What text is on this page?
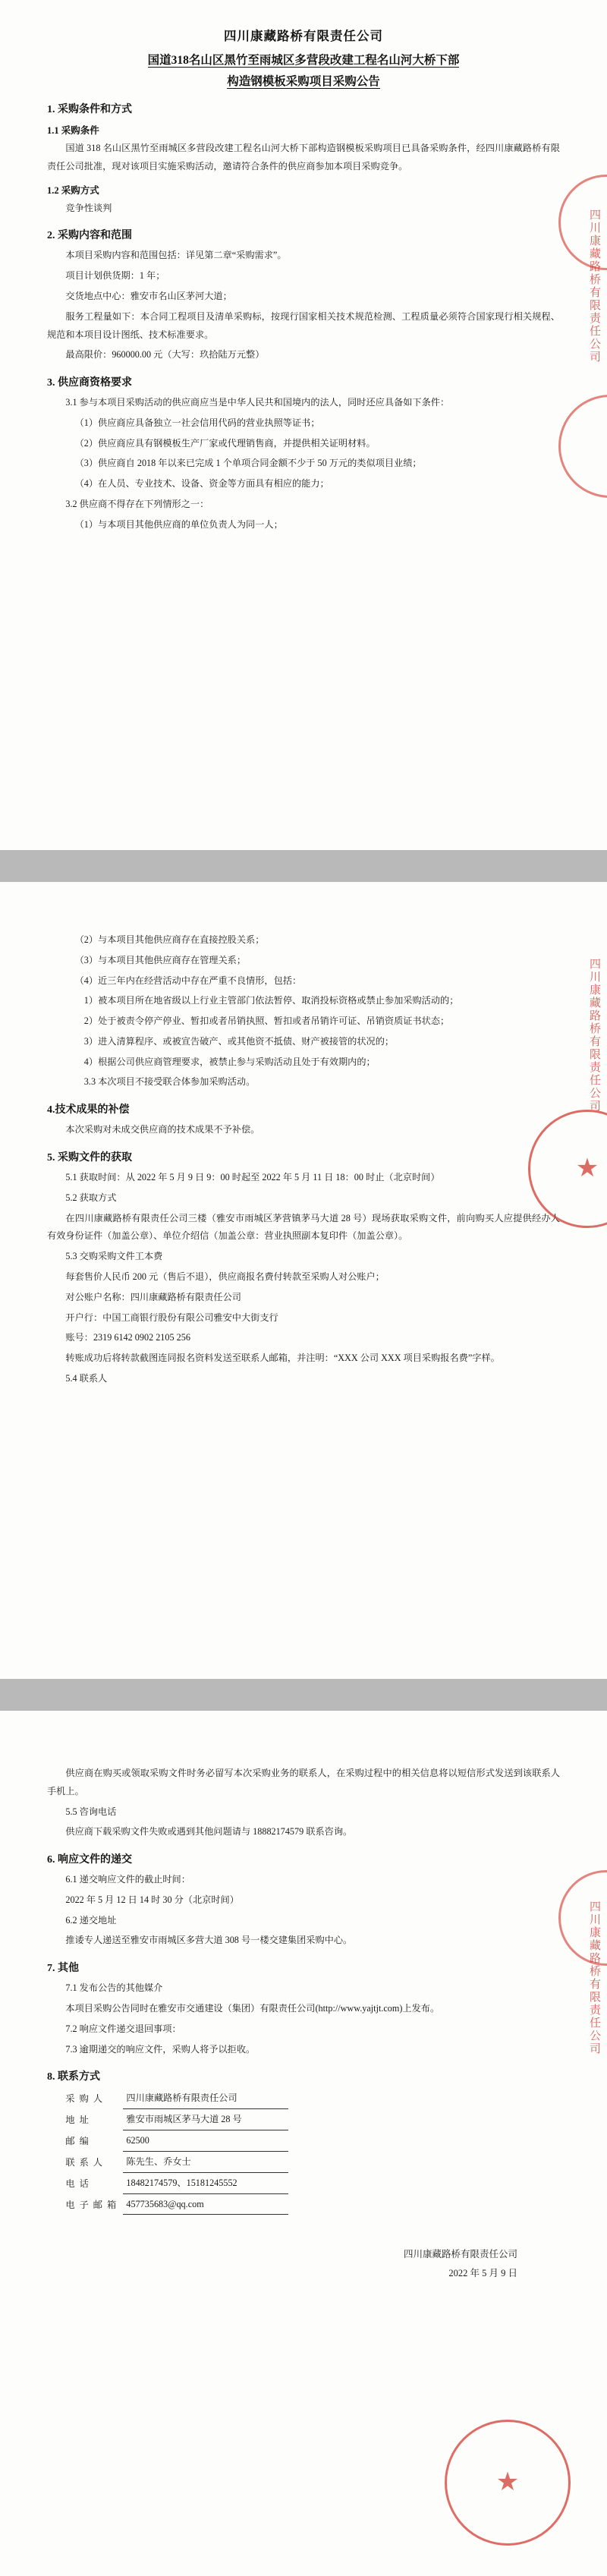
四川康藏路桥有限责任公司
国道318名山区黑竹至雨城区多营段改建工程名山河大桥下部
构造钢模板采购项目采购公告
1. 采购条件和方式
1.1 采购条件

国道 318 名山区黑竹至雨城区多营段改建工程名山河大桥下部构造钢模板采购项目已具备采购条件，经四川康藏路桥有限责任公司批准，现对该项目实施采购活动，邀请符合条件的供应商参加本项目采购竞争。

1.2 采购方式

竞争性谈判

2. 采购内容和范围

本项目采购内容和范围包括：详见第二章“采购需求”。

项目计划供货期：1 年；

交货地点中心：雅安市名山区茅河大道；

服务工程量如下：本合同工程项目及清单采购标，按现行国家相关技术规范检测、工程质量必须符合国家现行相关规程、规范和本项目设计图纸、技术标准要求。

最高限价：960000.00 元（大写：玖拾陆万元整）

3. 供应商资格要求

3.1 参与本项目采购活动的供应商应当是中华人民共和国境内的法人，同时还应具备如下条件：

（1）供应商应具备独立一社会信用代码的营业执照等证书；

（2）供应商应具有钢模板生产厂家或代理销售商，并提供相关证明材料。

（3）供应商自 2018 年以来已完成 1 个单项合同金额不少于 50 万元的类似项目业绩；

（4）在人员、专业技术、设备、资金等方面具有相应的能力；

3.2 供应商不得存在下列情形之一：

（1）与本项目其他供应商的单位负责人为同一人；

四川康藏路桥有限责任公司

（2）与本项目其他供应商存在直接控股关系；

（3）与本项目其他供应商存在管理关系；

（4）近三年内在经营活动中存在严重不良情形，包括：

1）被本项目所在地省级以上行业主管部门依法暂停、取消投标资格或禁止参加采购活动的；

2）处于被责令停产停业、暂扣或者吊销执照、暂扣或者吊销许可证、吊销资质证书状态；

3）进入清算程序、或被宣告破产、或其他资不抵债、财产被接管的状况的；

4）根据公司供应商管理要求，被禁止参与采购活动且处于有效期内的；

3.3 本次项目不接受联合体参加采购活动。

4.技术成果的补偿

本次采购对未成交供应商的技术成果不予补偿。

5. 采购文件的获取

5.1 获取时间：从 2022 年 5 月 9 日 9：00 时起至 2022 年 5 月 11 日 18：00 时止（北京时间）

5.2 获取方式

在四川康藏路桥有限责任公司三楼（雅安市雨城区茅营镇茅马大道 28 号）现场获取采购文件，前向购买人应提供经办人有效身份证件（加盖公章）、单位介绍信（加盖公章：营业执照副本复印件（加盖公章）。

5.3 交购采购文件工本费

每套售价人民币 200 元（售后不退），供应商报名费付转款至采购人对公账户；

对公账户名称：四川康藏路桥有限责任公司

开户行：中国工商银行股份有限公司雅安中大街支行

账号：2319 6142 0902 2105 256

转账成功后将转款截图连同报名资料发送至联系人邮箱，并注明：“XXX 公司 XXX 项目采购报名费”字样。

5.4 联系人

★
四川康藏路桥有限责任公司

供应商在购买或领取采购文件时务必留写本次采购业务的联系人，在采购过程中的相关信息将以短信形式发送到该联系人手机上。

5.5 咨询电话

供应商下载采购文件失败或遇到其他问题请与 18882174579 联系咨询。

6. 响应文件的递交

6.1 递交响应文件的截止时间：

2022 年 5 月 12 日 14 时 30 分（北京时间）

6.2 递交地址

推诿专人递送至雅安市雨城区多营大道 308 号一楼交建集团采购中心。

7. 其他

7.1 发布公告的其他媒介

本项目采购公告同时在雅安市交通建设（集团）有限责任公司(http://www.yajtjt.com)上发布。

7.2 响应文件递交退回事项：

7.3 逾期递交的响应文件，采购人将予以拒收。

8. 联系方式
采购人	四川康藏路桥有限责任公司
地址	雅安市雨城区茅马大道 28 号
邮编	62500
联系人	陈先生、乔女士
电话	18482174579、15181245552
电子邮箱 457735683@qq.com
四川康藏路桥有限责任公司
2022 年 5 月 9 日
★
四川康藏路桥有限责任公司
